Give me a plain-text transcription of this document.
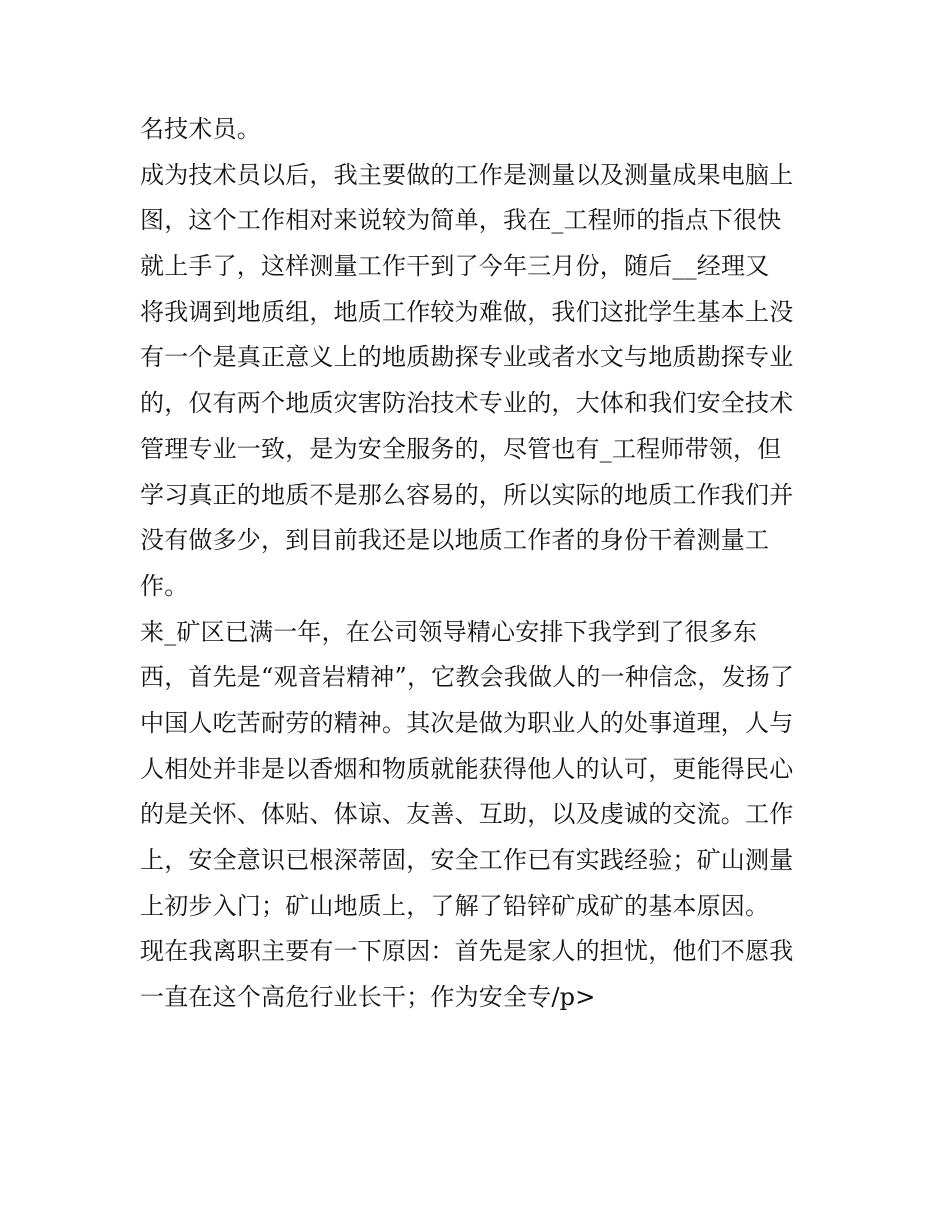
名技术员。
成为技术员以后，我主要做的工作是测量以及测量成果电脑上
图，这个工作相对来说较为简单，我在_工程师的指点下很快
就上手了，这样测量工作干到了今年三月份，随后__经理又
将我调到地质组，地质工作较为难做，我们这批学生基本上没
有一个是真正意义上的地质勘探专业或者水文与地质勘探专业
的，仅有两个地质灾害防治技术专业的，大体和我们安全技术
管理专业一致，是为安全服务的，尽管也有_工程师带领，但
学习真正的地质不是那么容易的，所以实际的地质工作我们并
没有做多少，到目前我还是以地质工作者的身份干着测量工
作。
来_矿区已满一年，在公司领导精心安排下我学到了很多东
西，首先是“观音岩精神”，它教会我做人的一种信念，发扬了
中国人吃苦耐劳的精神。其次是做为职业人的处事道理，人与
人相处并非是以香烟和物质就能获得他人的认可，更能得民心
的是关怀、体贴、体谅、友善、互助，以及虔诚的交流。工作
上，安全意识已根深蒂固，安全工作已有实践经验；矿山测量
上初步入门；矿山地质上，了解了铅锌矿成矿的基本原因。
现在我离职主要有一下原因：首先是家人的担忧，他们不愿我
一直在这个高危行业长干；作为安全专/p>
